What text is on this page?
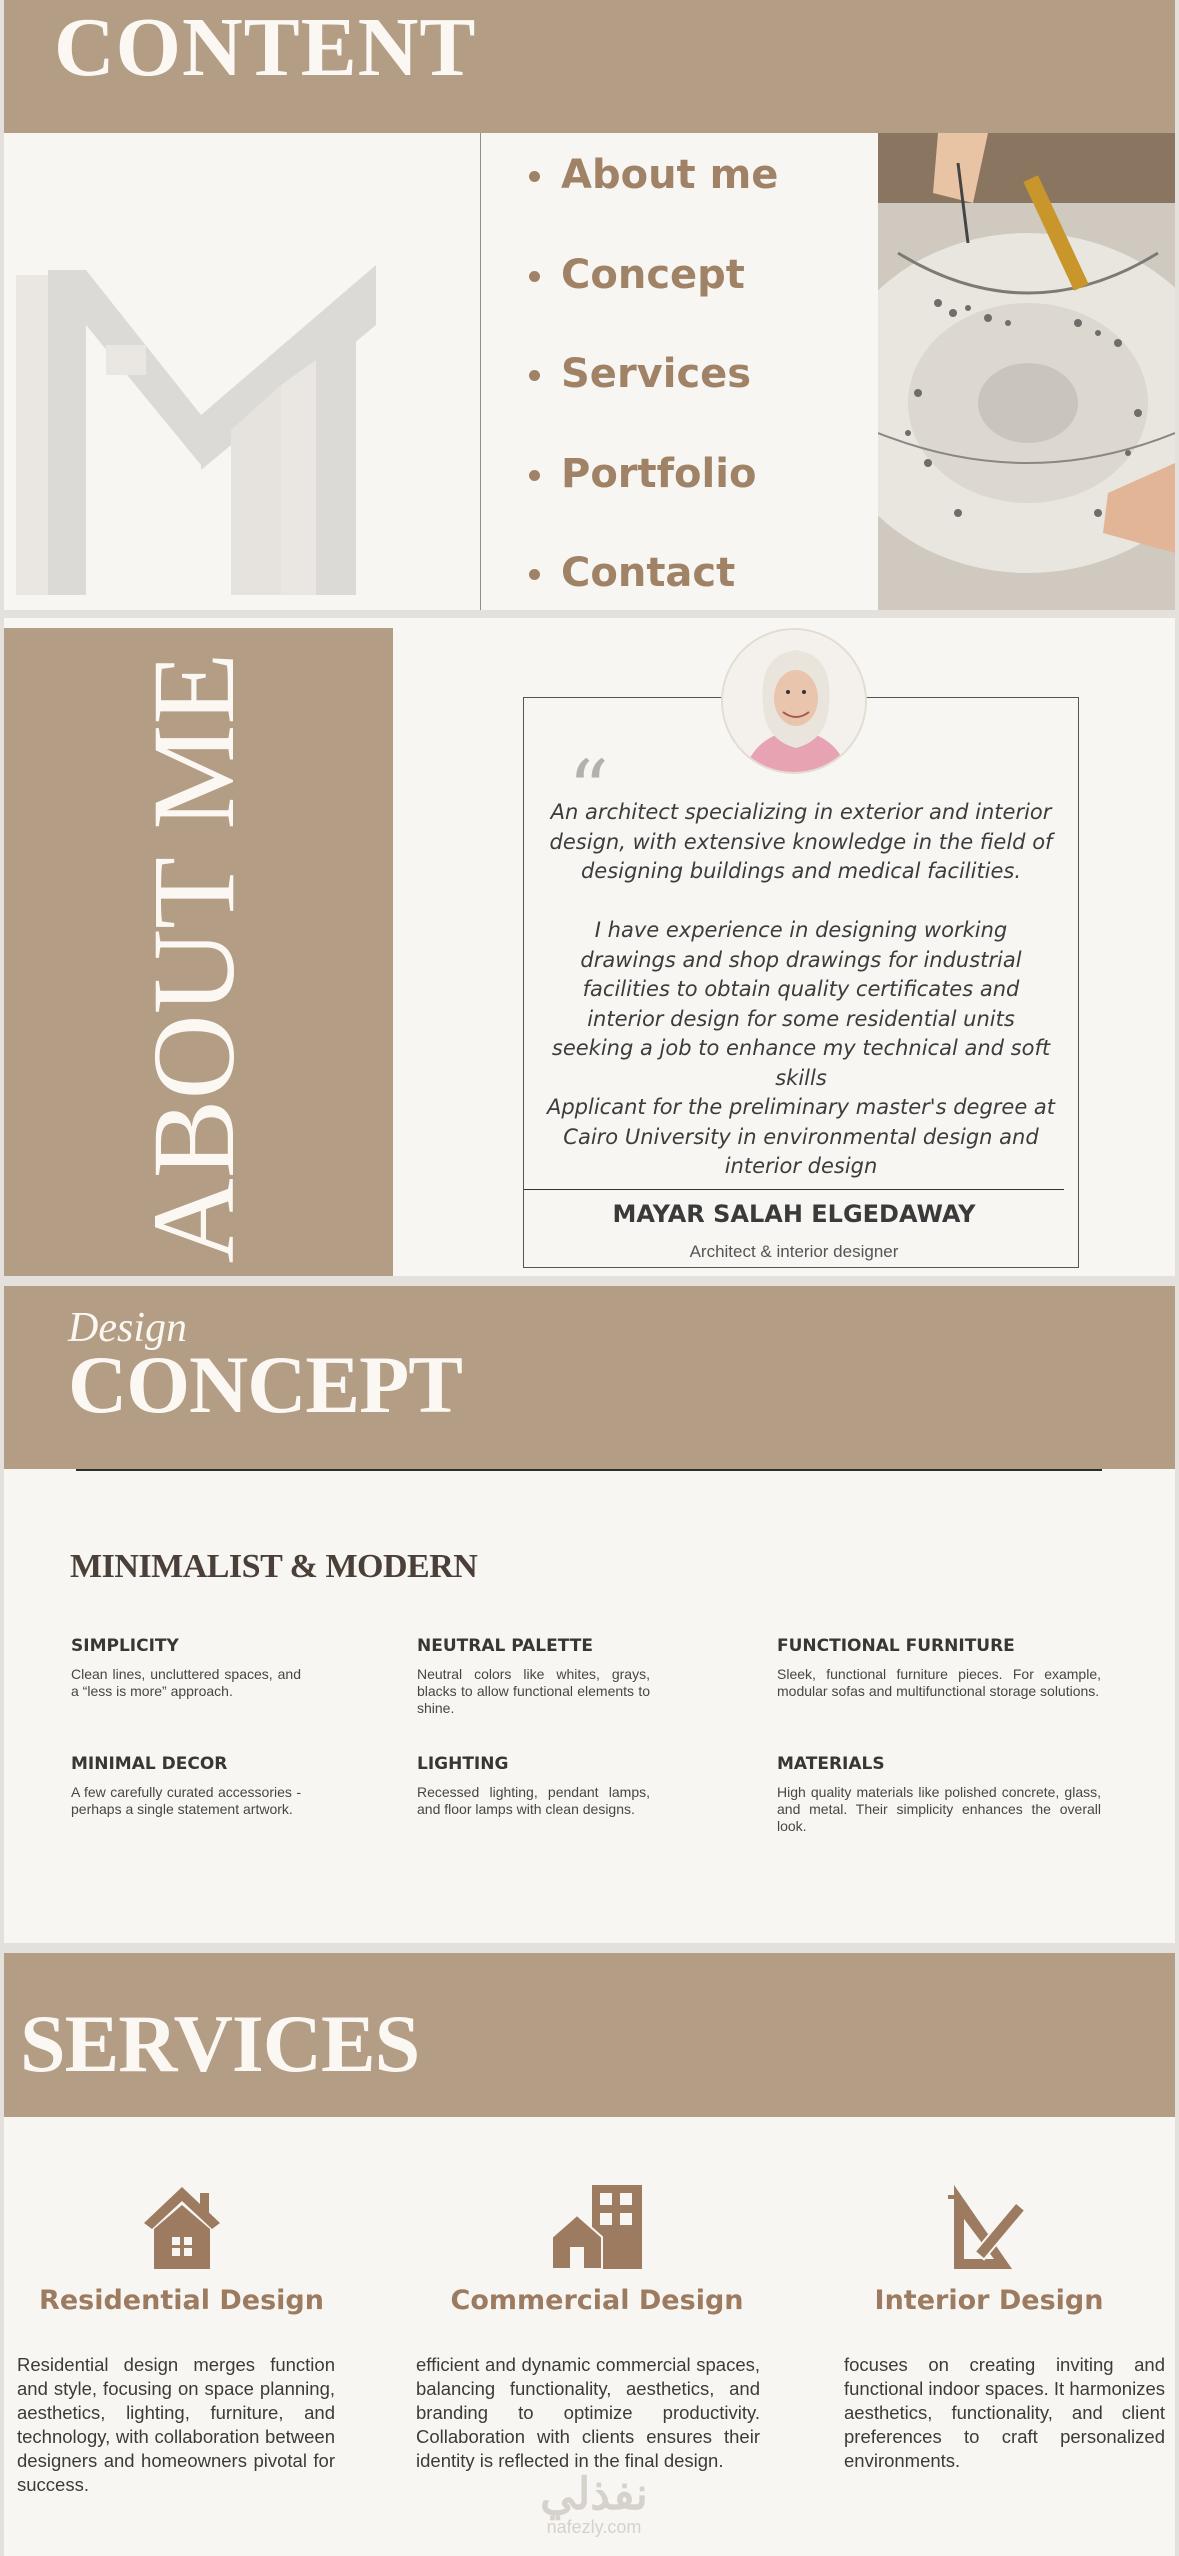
CONTENT
About me
Concept
Services
Portfolio
Contact
ABOUT ME	“

An architect specializing in exterior and interior design, with extensive knowledge in the field of designing buildings and medical facilities.

I have experience in designing working drawings and shop drawings for industrial facilities to obtain quality certificates and interior design for some residential units seeking a job to enhance my technical and soft skills

Applicant for the preliminary master's degree at Cairo University in environmental design and interior design

MAYAR SALAH ELGEDAWAY
Architect & interior designer
Design
CONCEPT
MINIMALIST & MODERN
SIMPLICITY

Clean lines, uncluttered spaces, and a “less is more” approach.

NEUTRAL PALETTE

Neutral colors like whites, grays, blacks to allow functional elements to shine.

FUNCTIONAL FURNITURE

Sleek, functional furniture pieces. For example, modular sofas and multifunctional storage solutions.

MINIMAL DECOR

A few carefully curated accessories - perhaps a single statement artwork.

LIGHTING

Recessed lighting, pendant lamps, and floor lamps with clean designs.

MATERIALS

High quality materials like polished concrete, glass, and metal. Their simplicity enhances the overall look.

SERVICES
Residential Design	Commercial Design	Interior Design

Residential design merges function and style, focusing on space planning, aesthetics, lighting, furniture, and technology, with collaboration between designers and homeowners pivotal for success.

efficient and dynamic commercial spaces, balancing functionality, aesthetics, and branding to optimize productivity. Collaboration with clients ensures their identity is reflected in the final design.

focuses on creating inviting and functional indoor spaces. It harmonizes aesthetics, functionality, and client preferences to craft personalized environments.

نفذلي
nafezly.com
